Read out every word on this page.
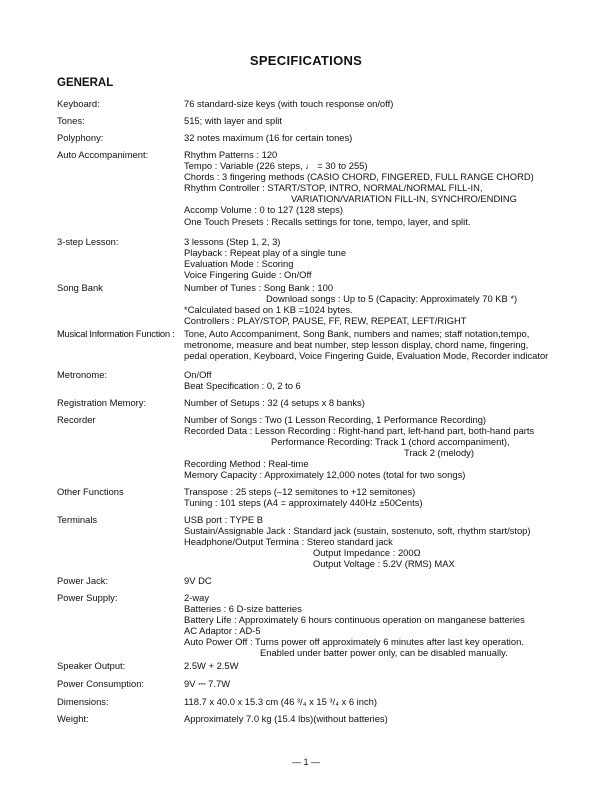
SPECIFICATIONS
GENERAL
Keyboard:	76 standard-size keys (with touch response on/off)
Tones:	515; with layer and split
Polyphony:	32 notes maximum (16 for certain tones)
Auto Accompaniment:	Rhythm Patterns : 120
Tempo : Variable (226 steps, ♩ = 30 to 255)
Chords : 3 fingering methods (CASIO CHORD, FINGERED, FULL RANGE CHORD)
Rhythm Controller : START/STOP, INTRO, NORMAL/NORMAL FILL-IN,
VARIATION/VARIATION FILL-IN, SYNCHRO/ENDING
Accomp Volume : 0 to 127 (128 steps)
One Touch Presets : Recalls settings for tone, tempo, layer, and split.
3-step Lesson:	3 lessons (Step 1, 2, 3)
Playback : Repeat play of a single tune
Evaluation Mode : Scoring
Voice Fingering Guide : On/Off
Song Bank	Number of Tunes : Song Bank : 100
Download songs : Up to 5 (Capacity: Approximately 70 KB *)
*Calculated based on 1 KB =1024 bytes.
Controllers : PLAY/STOP, PAUSE, FF, REW, REPEAT, LEFT/RIGHT
Musical Information Function :	Tone, Auto Accompaniment, Song Bank, numbers and names; staff notation,tempo,
metronome, measure and beat number, step lesson display, chord name, fingering,
pedal operation, Keyboard, Voice Fingering Guide, Evaluation Mode, Recorder indicator
Metronome:	On/Off
Beat Specification : 0, 2 to 6
Registration Memory:	Number of Setups : 32 (4 setups x 8 banks)
Recorder	Number of Songs : Two (1 Lesson Recording, 1 Performance Recording)
Recorded Data : Lesson Recording : Right-hand part, left-hand part, both-hand parts
Performance Recording: Track 1 (chord accompaniment),
Track 2 (melody)
Recording Method : Real-time
Memory Capacity : Approximately 12,000 notes (total for two songs)
Other Functions	Transpose : 25 steps (–12 semitones to +12 semitones)
Tuning : 101 steps (A4 = approximately 440Hz ±50Cents)
Terminals	USB port : TYPE B
Sustain/Assignable Jack : Standard jack (sustain, sostenuto, soft, rhythm start/stop)
Headphone/Output Termina : Stereo standard jack
Output Impedance : 200Ω
Output Voltage : 5.2V (RMS) MAX
Power Jack:	9V DC
Power Supply:	2-way
Batteries : 6 D-size batteries
Battery Life : Approximately 6 hours continuous operation on manganese batteries
AC Adaptor : AD-5
Auto Power Off : Turns power off approximately 6 minutes after last key operation.
Enabled under batter power only, can be disabled manually.
Speaker Output:	2.5W + 2.5W
Power Consumption:	9V ⎓ 7.7W
Dimensions:	118.7 x 40.0 x 15.3 cm (46 ³/₄ x 15 ³/₄ x 6 inch)
Weight:	Approximately 7.0 kg (15.4 lbs)(without batteries)
— 1 —
